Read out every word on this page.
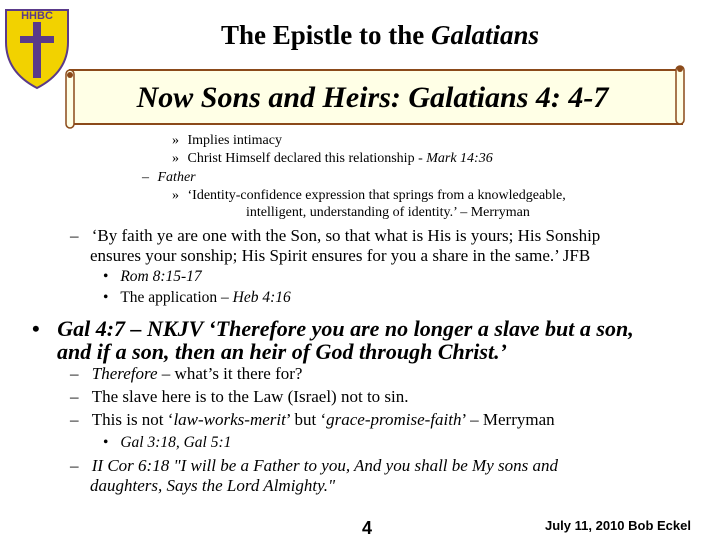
HHBC
The Epistle to the Galatians
Now Sons and Heirs: Galatians 4: 4-7
» Implies intimacy
» Christ Himself declared this relationship - Mark 14:36
– Father
» ‘Identity-confidence expression that springs from a knowledgeable,
intelligent, understanding of identity.’ – Merryman
– ‘By faith ye are one with the Son, so that what is His is yours; His Sonship
ensures your sonship; His Spirit ensures for you a share in the same.’ JFB
• Rom 8:15-17
• The application – Heb 4:16
• Gal 4:7 – NKJV ‘Therefore you are no longer a slave but a son,
and if a son, then an heir of God through Christ.’
– Therefore – what’s it there for?
– The slave here is to the Law (Israel) not to sin.
– This is not ‘law-works-merit’ but ‘grace-promise-faith’ – Merryman
• Gal 3:18, Gal 5:1
– II Cor 6:18 "I will be a Father to you, And you shall be My sons and
daughters, Says the Lord Almighty."
4	July 11, 2010 Bob Eckel
